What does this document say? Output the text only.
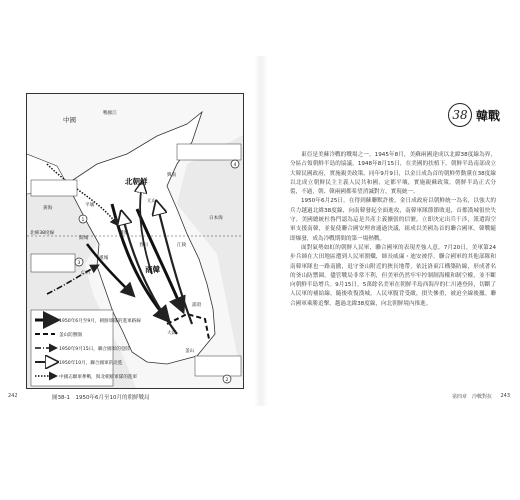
中國
鴨綠江
北朝鮮
南韓
黃海
日本海
北緯38度線
平壤
開城
漢城
仁川
元山
興南
鐵原
春川	江陵
大田
大邱
浦項
釜山
1
2
3
4
1950年6月至9月，朝鮮軍隊的進軍路線
釜山防禦圈
1950年9月15日，聯合國軍的登陸
1950年10月，聯合國軍的北進
中國志願軍參戰，與北朝鮮軍隊的進軍
242	圖38-1　1950年6月至10月的朝鮮戰局
38 韓戰

東亞是美蘇冷戰的戰場之一。1945年8月，美蘇兩國達成以北緯38度線為界，分區占領朝鮮半島的協議。1948年8月15日，在美國的扶植下，朝鮮半島南部成立大韓民國政府，實施親美政策。同年9月9日，以金日成為首的朝鮮勞動黨在38度線以北成立朝鮮民主主義人民共和國，定都平壤，實施親蘇政策。朝鮮半島正式分裂，不過，朝、韓兩國都希望消滅對方，實現統一。

1950年6月25日，在得到蘇聯默許後，金日成政府以朝鮮統一為名，以強大的兵力越過北緯38度線，向南韓發起全面進攻，南韓軍隊節節敗退，首都漢城很快失守。美國總統杜魯門認為這是共產主義擴張的信號，立即決定出兵干涉，派遣海空軍支援南韓，並促使聯合國安理會通過決議，組成以美國為首的聯合國軍。韓戰隨即爆發，成為冷戰期間的第一場熱戰。

面對氣勢如虹的朝鮮人民軍，聯合國軍的表現差強人意。7月20日，美軍第24步兵師在大田地區遭到人民軍圍殲，師長威廉・迪安被俘。聯合國軍的其他部隊和南韓軍隊也一路南撤，退守釜山附近的狹長地帶，依託洛東江構築防線，形成著名的釜山防禦圈。儘管戰局非常不利，但美軍仍然牢牢控制制海權和制空權，並不斷向朝鮮半島增兵。9月15日，5萬餘名美軍在朝鮮半島西海岸的仁川港登陸，切斷了人民軍的補給線，隨後收復漢城。人民軍腹背受敵，損失慘重，被迫全線後撤。聯合國軍乘勝追擊，越過北緯38度線，向北朝鮮境內推進。

第四章　冷戰對抗 243
